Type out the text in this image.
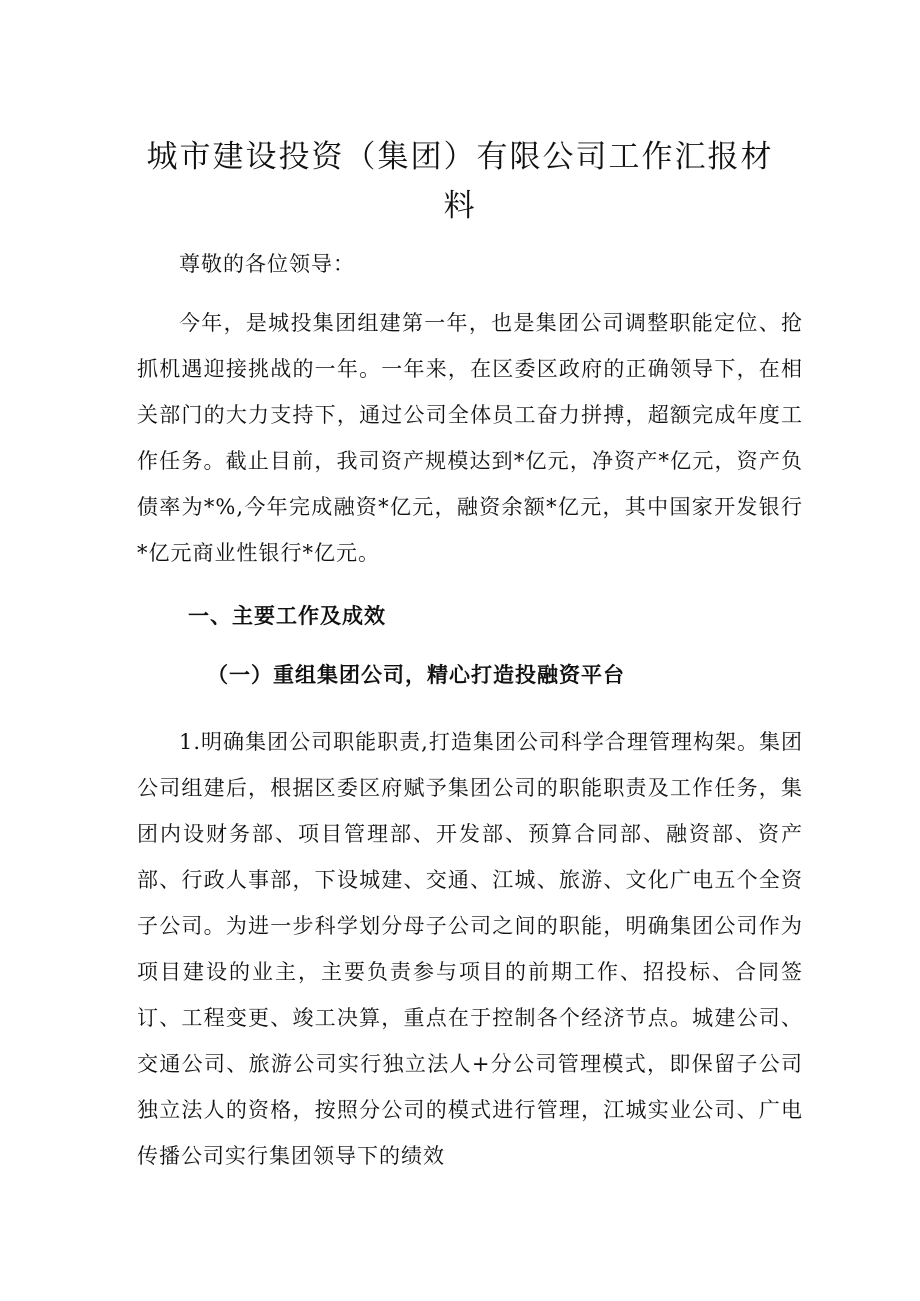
城市建设投资（集团）有限公司工作汇报材
料
尊敬的各位领导：
今年，是城投集团组建第一年，也是集团公司调整职能定位、抢抓机遇迎接挑战的一年。一年来，在区委区政府的正确领导下，在相关部门的大力支持下，通过公司全体员工奋力拼搏，超额完成年度工作任务。截止目前，我司资产规模达到*亿元，净资产*亿元，资产负债率为*%,今年完成融资*亿元，融资余额*亿元，其中国家开发银行*亿元商业性银行*亿元。
一、主要工作及成效
（一）重组集团公司，精心打造投融资平台
1.明确集团公司职能职责,打造集团公司科学合理管理构架。集团公司组建后，根据区委区府赋予集团公司的职能职责及工作任务，集团内设财务部、项目管理部、开发部、预算合同部、融资部、资产部、行政人事部，下设城建、交通、江城、旅游、文化广电五个全资子公司。为进一步科学划分母子公司之间的职能，明确集团公司作为项目建设的业主，主要负责参与项目的前期工作、招投标、合同签订、工程变更、竣工决算，重点在于控制各个经济节点。城建公司、交通公司、旅游公司实行独立法人+分公司管理模式，即保留子公司独立法人的资格，按照分公司的模式进行管理，江城实业公司、广电传播公司实行集团领导下的绩效
